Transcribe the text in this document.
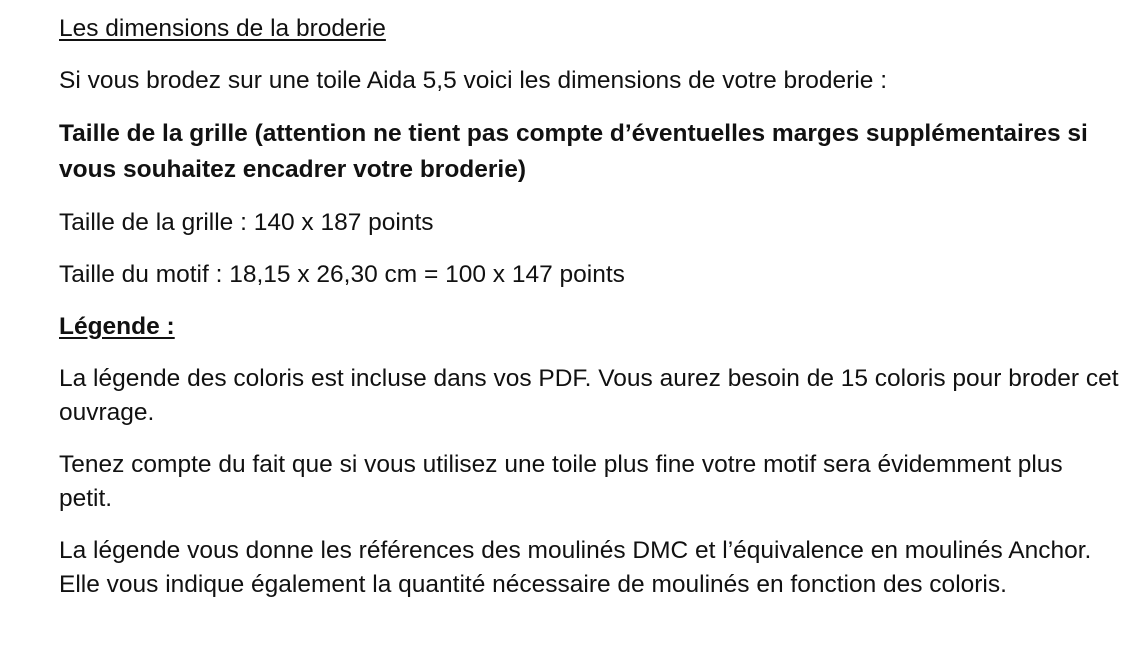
Les dimensions de la broderie

Si vous brodez sur une toile Aida 5,5 voici les dimensions de votre broderie :

Taille de la grille (attention ne tient pas compte d’éventuelles marges supplémentaires si vous souhaitez encadrer votre broderie)

Taille de la grille : 140 x 187 points

Taille du motif : 18,15 x 26,30 cm = 100 x 147 points

Légende :

La légende des coloris est incluse dans vos PDF. Vous aurez besoin de 15 coloris pour broder cet ouvrage.

Tenez compte du fait que si vous utilisez une toile plus fine votre motif sera évidemment plus petit.

La légende vous donne les références des moulinés DMC et l’équivalence en moulinés Anchor. Elle vous indique également la quantité nécessaire de moulinés en fonction des coloris.
